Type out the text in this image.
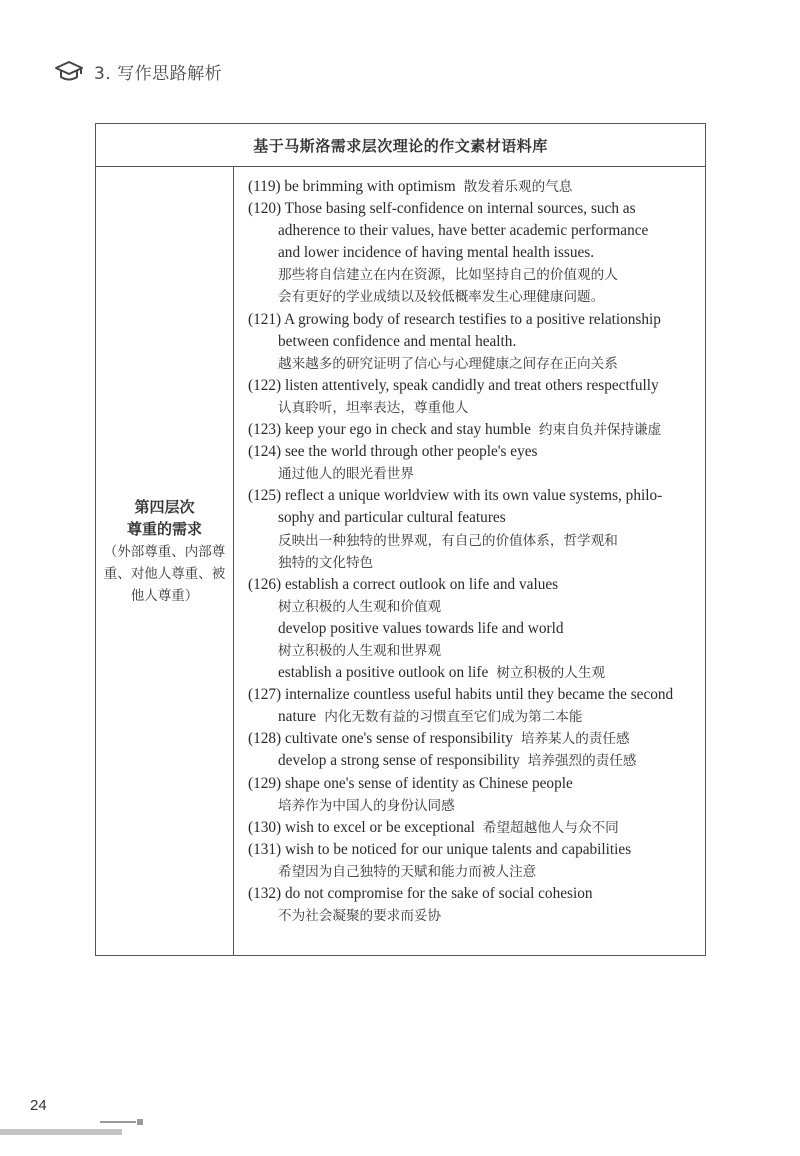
3. 写作思路解析
基于马斯洛需求层次理论的作文素材语料库
第四层次
尊重的需求
（外部尊重、内部尊重、对他人尊重、被他人尊重）
(119) be brimming with optimism 散发着乐观的气息
(120) Those basing self-confidence on internal sources, such as
adherence to their values, have better academic performance
and lower incidence of having mental health issues.
那些将自信建立在内在资源，比如坚持自己的价值观的人
会有更好的学业成绩以及较低概率发生心理健康问题。
(121) A growing body of research testifies to a positive relationship
between confidence and mental health.
越来越多的研究证明了信心与心理健康之间存在正向关系
(122) listen attentively, speak candidly and treat others respectfully
认真聆听，坦率表达，尊重他人
(123) keep your ego in check and stay humble 约束自负并保持谦虚
(124) see the world through other people's eyes
通过他人的眼光看世界
(125) reflect a unique worldview with its own value systems, philo-
sophy and particular cultural features
反映出一种独特的世界观，有自己的价值体系，哲学观和
独特的文化特色
(126) establish a correct outlook on life and values
树立积极的人生观和价值观
develop positive values towards life and world
树立积极的人生观和世界观
establish a positive outlook on life 树立积极的人生观
(127) internalize countless useful habits until they became the second
nature 内化无数有益的习惯直至它们成为第二本能
(128) cultivate one's sense of responsibility 培养某人的责任感
develop a strong sense of responsibility 培养强烈的责任感
(129) shape one's sense of identity as Chinese people
培养作为中国人的身份认同感
(130) wish to excel or be exceptional 希望超越他人与众不同
(131) wish to be noticed for our unique talents and capabilities
希望因为自己独特的天赋和能力而被人注意
(132) do not compromise for the sake of social cohesion
不为社会凝聚的要求而妥协
24
